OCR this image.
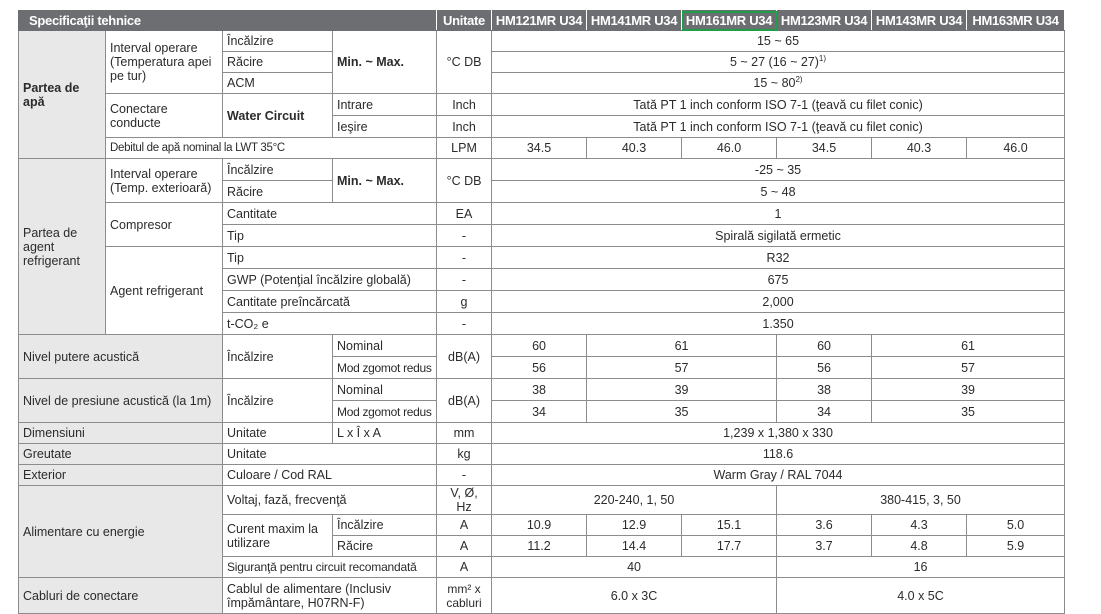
Specificaţii tehnice				Unitate	HM121MR U34	HM141MR U34	HM161MR U34	HM123MR U34	HM143MR U34	HM163MR U34
Partea de apă	Interval operare (Temperatura apei pe tur)	Încălzire	Min. ~ Max.	°C DB	15 ~ 65					
		Răcire			5 ~ 27 (16 ~ 27)$^{1)}$
		ACM			15 ~ 80$^{2)}$
	Conectare conducte	Water Circuit	Intrare	Inch	Tată PT 1 inch conform ISO 7-1 (ţeavă cu filet conic)					
			Ieşire	Inch	Tată PT 1 inch conform ISO 7-1 (ţeavă cu filet conic)					
	Debitul de apă nominal la LWT 35°C			LPM	34.5	40.3	46.0	34.5	40.3	46.0
Partea de agent refrigerant	Interval operare (Temp. exterioară)	Încălzire	Min. ~ Max.	°C DB	-25 ~ 35					
		Răcire			5 ~ 48					
	Compresor	Cantitate		EA	1					
		Tip		-	Spirală sigilată ermetic					
	Agent refrigerant	Tip		-	R32					
		GWP (Potenţial încălzire globală)		-	675					
		Cantitate preîncărcată		g	2,000					
		t-CO₂ e		-	1.350					
Nivel putere acustică		Încălzire	Nominal	dB(A)	60	61		60	61	
			Mod zgomot redus		56	57		56	57	
Nivel de presiune acustică (la 1m)		Încălzire	Nominal	dB(A)	38	39		38	39	
			Mod zgomot redus		34	35		34	35	
Dimensiuni		Unitate	L x Î x A	mm	1,239 x 1,380 x 330					
Greutate		Unitate		kg	118.6					
Exterior		Culoare / Cod RAL		-	Warm Gray / RAL 7044					
Alimentare cu energie		Voltaj, fază, frecvenţă		V, Ø, Hz	220-240, 1, 50			380-415, 3, 50		
		Curent maxim la utilizare	Încălzire	A	10.9	12.9	15.1	3.6	4.3	5.0
			Răcire	A	11.2	14.4	17.7	3.7	4.8	5.9
		Siguranţă pentru circuit recomandată		A	40			16		
Cabluri de conectare		Cablul de alimentare (Inclusiv împământare, H07RN-F)		mm² x cabluri	6.0 x 3C			4.0 x 5C		
